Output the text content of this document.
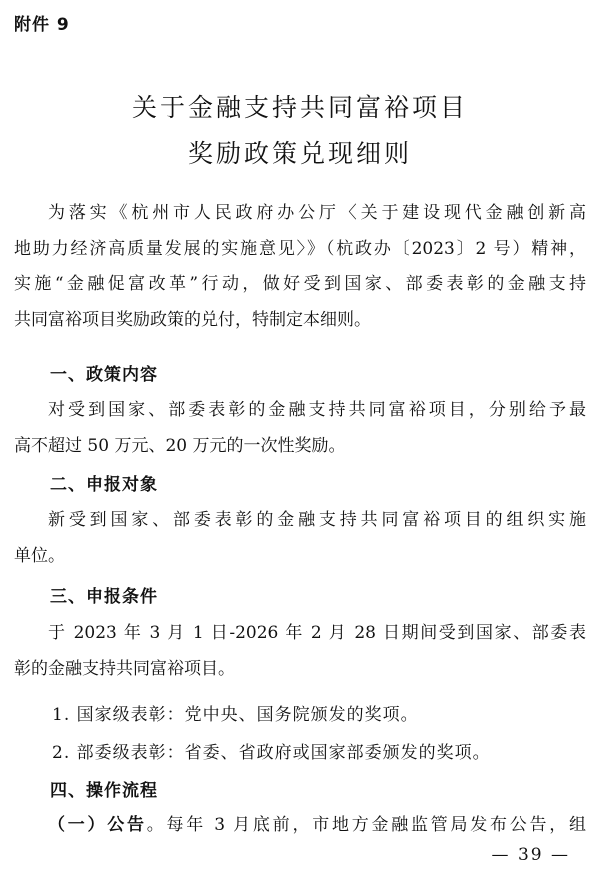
附件 9
关于金融支持共同富裕项目
奖励政策兑现细则
为落实《杭州市人民政府办公厅〈关于建设现代金融创新高
地助力经济高质量发展的实施意见〉》（杭政办〔2023〕2 号）精神，
实施“金融促富改革”行动，做好受到国家、部委表彰的金融支持
共同富裕项目奖励政策的兑付，特制定本细则。
一、政策内容
对受到国家、部委表彰的金融支持共同富裕项目，分别给予最
高不超过 50 万元、20 万元的一次性奖励。
二、申报对象
新受到国家、部委表彰的金融支持共同富裕项目的组织实施
单位。
三、申报条件
于 2023 年 3 月 1 日-2026 年 2 月 28 日期间受到国家、部委表
彰的金融支持共同富裕项目。
1. 国家级表彰：党中央、国务院颁发的奖项。
2. 部委级表彰：省委、省政府或国家部委颁发的奖项。
四、操作流程
（一）公告。每年 3 月底前，市地方金融监管局发布公告，组
— 39 —
